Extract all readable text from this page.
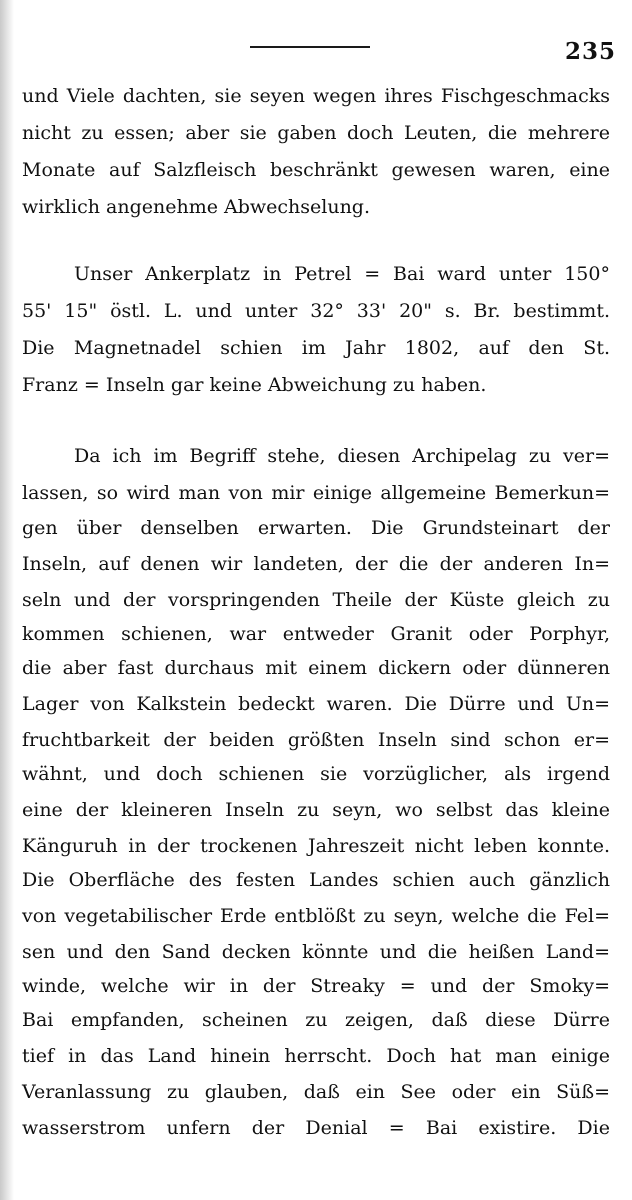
235
und Viele dachten, sie seyen wegen ihres Fischgeschmacks
nicht zu essen; aber sie gaben doch Leuten, die mehrere
Monate auf Salzfleisch beschränkt gewesen waren, eine
wirklich angenehme Abwechselung.
Unser Ankerplatz in Petrel = Bai ward unter 150°
55' 15" östl. L. und unter 32° 33' 20" s. Br. bestimmt.
Die Magnetnadel schien im Jahr 1802, auf den St.
Franz = Inseln gar keine Abweichung zu haben.
Da ich im Begriff stehe, diesen Archipelag zu ver=
lassen, so wird man von mir einige allgemeine Bemerkun=
gen über denselben erwarten. Die Grundsteinart der
Inseln, auf denen wir landeten, der die der anderen In=
seln und der vorspringenden Theile der Küste gleich zu
kommen schienen, war entweder Granit oder Porphyr,
die aber fast durchaus mit einem dickern oder dünneren
Lager von Kalkstein bedeckt waren. Die Dürre und Un=
fruchtbarkeit der beiden größten Inseln sind schon er=
wähnt, und doch schienen sie vorzüglicher, als irgend
eine der kleineren Inseln zu seyn, wo selbst das kleine
Känguruh in der trockenen Jahreszeit nicht leben konnte.
Die Oberfläche des festen Landes schien auch gänzlich
von vegetabilischer Erde entblößt zu seyn, welche die Fel=
sen und den Sand decken könnte und die heißen Land=
winde, welche wir in der Streaky = und der Smoky=
Bai empfanden, scheinen zu zeigen, daß diese Dürre
tief in das Land hinein herrscht. Doch hat man einige
Veranlassung zu glauben, daß ein See oder ein Süß=
wasserstrom unfern der Denial = Bai existire. Die
